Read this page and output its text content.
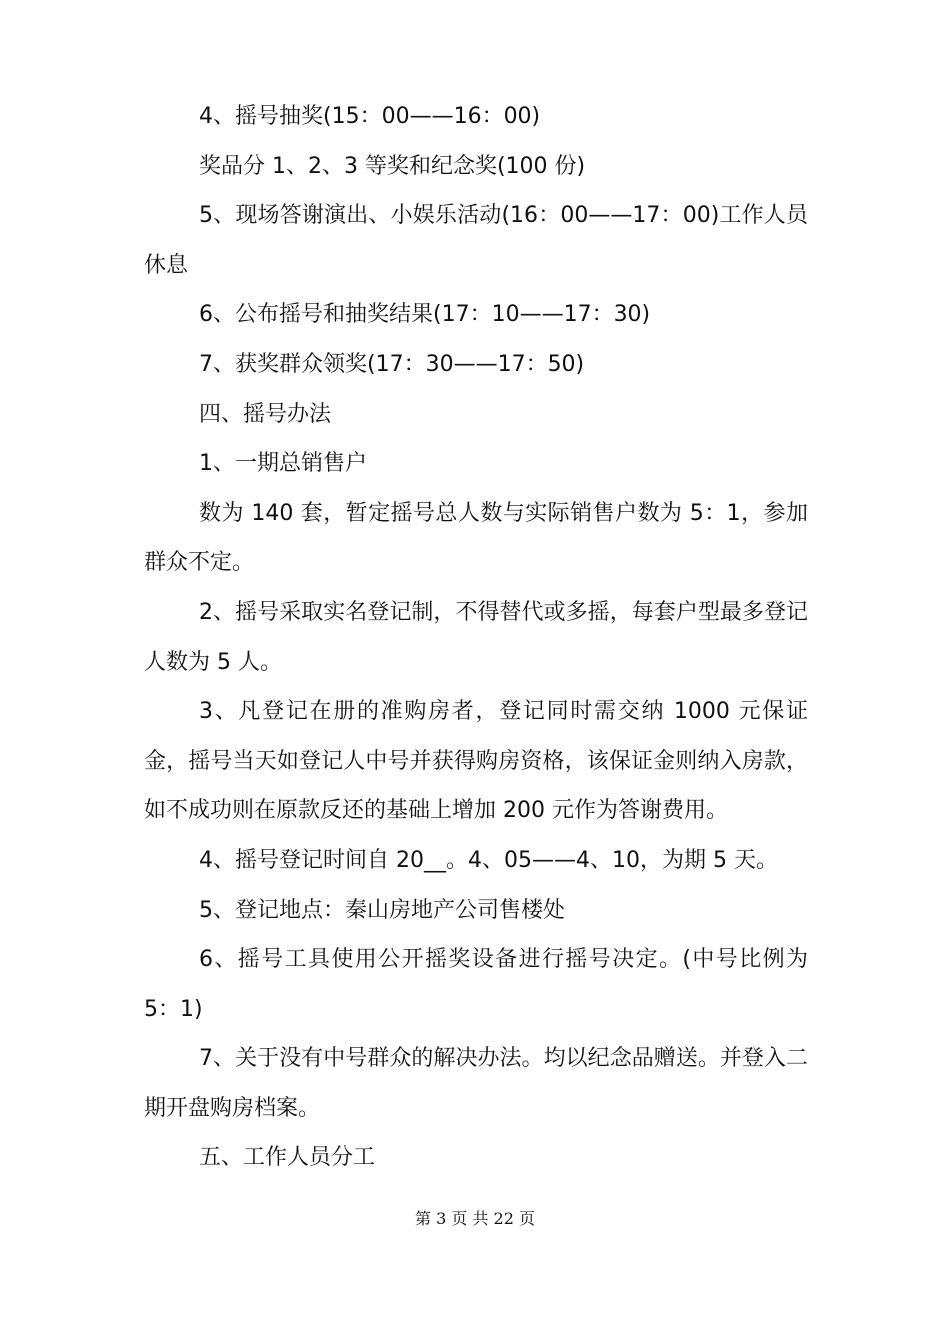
4、摇号抽奖(15：00——16：00)

奖品分 1、2、3 等奖和纪念奖(100 份)

5、现场答谢演出、小娱乐活动(16：00——17：00)工作人员休息

6、公布摇号和抽奖结果(17：10——17：30)

7、获奖群众领奖(17：30——17：50)

四、摇号办法

1、一期总销售户

数为 140 套，暂定摇号总人数与实际销售户数为 5：1，参加群众不定。

2、摇号采取实名登记制，不得替代或多摇，每套户型最多登记人数为 5 人。

3、凡登记在册的准购房者，登记同时需交纳 1000 元保证金，摇号当天如登记人中号并获得购房资格，该保证金则纳入房款，如不成功则在原款反还的基础上增加 200 元作为答谢费用。

4、摇号登记时间自 20__。4、05——4、10，为期 5 天。

5、登记地点：秦山房地产公司售楼处

6、摇号工具使用公开摇奖设备进行摇号决定。(中号比例为 5：1)

7、关于没有中号群众的解决办法。均以纪念品赠送。并登入二期开盘购房档案。

五、工作人员分工

第 3 页 共 22 页
